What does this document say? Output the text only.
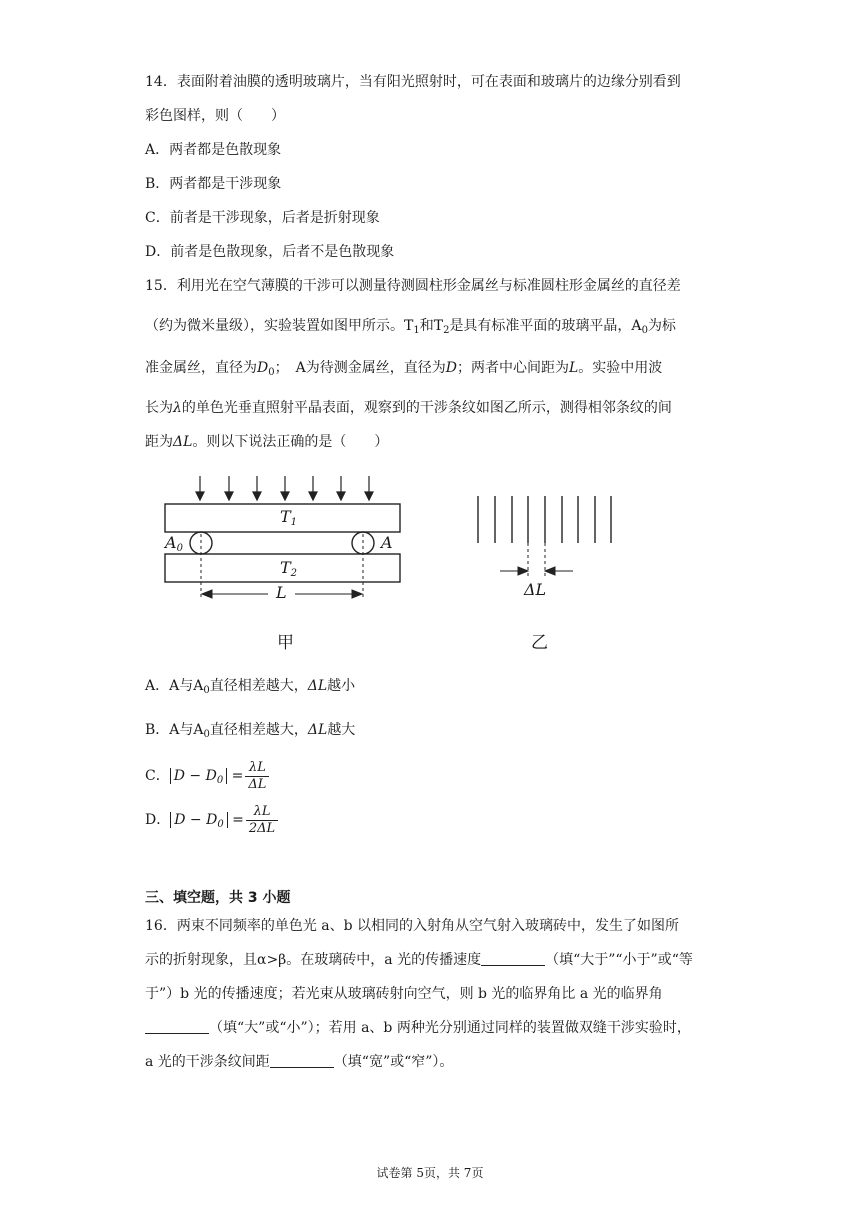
14．表面附着油膜的透明玻璃片，当有阳光照射时，可在表面和玻璃片的边缘分别看到
彩色图样，则（　　）
A．两者都是色散现象
B．两者都是干涉现象
C．前者是干涉现象，后者是折射现象
D．前者是色散现象，后者不是色散现象
15．利用光在空气薄膜的干涉可以测量待测圆柱形金属丝与标准圆柱形金属丝的直径差
（约为微米量级），实验装置如图甲所示。$T_1$和$T_2$是具有标准平面的玻璃平晶，$A_0$为标
准金属丝，直径为$D_0$；　A为待测金属丝，直径为D；两者中心间距为L。实验中用波
长为λ的单色光垂直照射平晶表面，观察到的干涉条纹如图乙所示，测得相邻条纹的间
距为ΔL。则以下说法正确的是（　　）
$T_1$
$T_2$
$A_0$	A
L	ΔL
甲	乙
A．A与$A_0$直径相差越大，ΔL越小
B．A与$A_0$直径相差越大，ΔL越大
C． $D - D_0 = \frac{\lambda L}{\Delta L}$
D． $D - D_0 = \frac{\lambda L}{2\Delta L}$
三、填空题，共 3 小题
16．两束不同频率的单色光 a、b 以相同的入射角从空气射入玻璃砖中，发生了如图所
示的折射现象，且α>β。在玻璃砖中，a 光的传播速度	（填“大于”“小于”或“等
于”）b 光的传播速度；若光束从玻璃砖射向空气，则 b 光的临界角比 a 光的临界角
（填“大”或“小”）；若用 a、b 两种光分别通过同样的装置做双缝干涉实验时，
a 光的干涉条纹间距	（填“宽”或“窄”）。
试卷第 5页，共 7页
